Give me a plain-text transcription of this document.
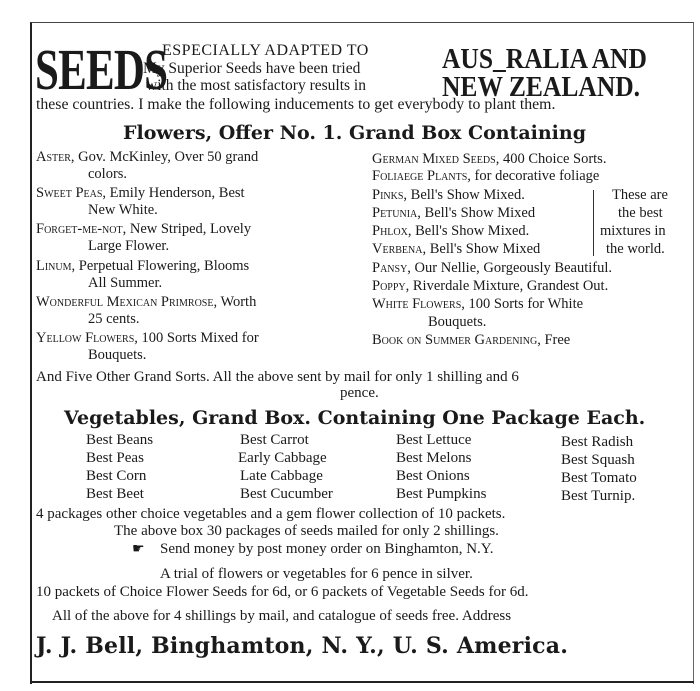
SEEDS
ESPECIALLY ADAPTED TO
My Superior Seeds have been tried
with the most satisfactory results in
AUS_RALIA AND
NEW ZEALAND.
these countries. I make the following inducements to get everybody to plant them.
Flowers, Offer No. 1. Grand Box Containing
Aster, Gov. McKinley, Over 50 grand
colors.
Sweet Peas, Emily Henderson, Best
New White.
Forget-me-not, New Striped, Lovely
Large Flower.
Linum, Perpetual Flowering, Blooms
All Summer.
Wonderful Mexican Primrose, Worth
25 cents.
Yellow Flowers, 100 Sorts Mixed for
Bouquets.
German Mixed Seeds, 400 Choice Sorts.
Foliaege Plants, for decorative foliage
Pinks, Bell's Show Mixed.
Petunia, Bell's Show Mixed
Phlox, Bell's Show Mixed.
Verbena, Bell's Show Mixed
These are
the best
mixtures in
the world.
Pansy, Our Nellie, Gorgeously Beautiful.
Poppy, Riverdale Mixture, Grandest Out.
White Flowers, 100 Sorts for White
Bouquets.
Book on Summer Gardening, Free
And Five Other Grand Sorts. All the above sent by mail for only 1 shilling and 6
pence.
Vegetables, Grand Box. Containing One Package Each.
Best Beans
Best Peas
Best Corn
Best Beet
Best Carrot
Early Cabbage
Late Cabbage
Best Cucumber
Best Lettuce
Best Melons
Best Onions
Best Pumpkins
Best Radish
Best Squash
Best Tomato
Best Turnip.
4 packages other choice vegetables and a gem flower collection of 10 packets.
The above box 30 packages of seeds mailed for only 2 shillings.
☛ Send money by post money order on Binghamton, N.Y.
A trial of flowers or vegetables for 6 pence in silver.
10 packets of Choice Flower Seeds for 6d, or 6 packets of Vegetable Seeds for 6d.
All of the above for 4 shillings by mail, and catalogue of seeds free. Address
J. J. Bell, Binghamton, N. Y., U. S. America.
